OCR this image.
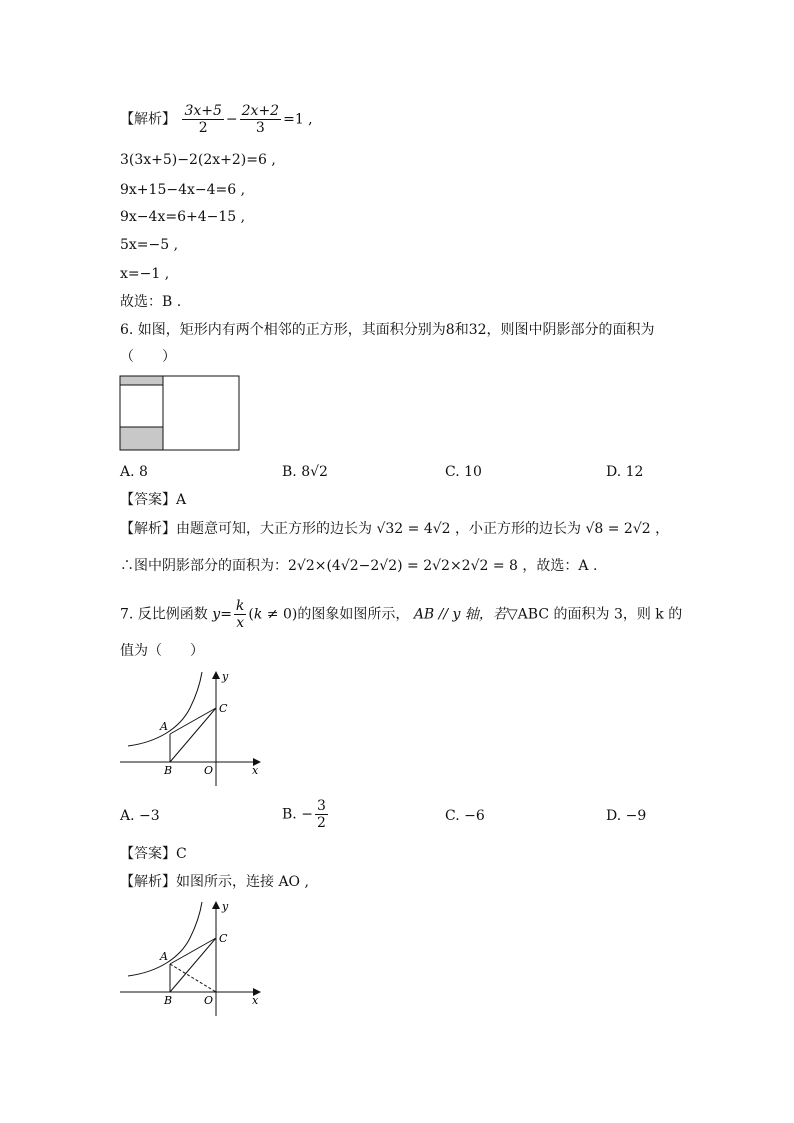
【解析】 $\frac{3x+5}{2} - \frac{2x+2}{3} =1$ ,
3(3x+5)−2(2x+2)=6 ,
9x+15−4x−4=6 ,
9x−4x=6+4−15 ,
5x=−5 ,
x=−1 ,
故选：B .
6. 如图，矩形内有两个相邻的正方形，其面积分别为8和32，则图中阴影部分的面积为
（　　）
A. 8	B. 8√2	C. 10	D. 12
【答案】A
【解析】由题意可知，大正方形的边长为 √32 = 4√2 ，小正方形的边长为 √8 = 2√2 ，
∴图中阴影部分的面积为：2√2×(4√2−2√2) = 2√2×2√2 = 8 ，故选：A .
7. 反比例函数 $y= \frac{k}{x} (k \ne 0)$的图象如图所示， AB // y 轴，若▽ABC 的面积为 3，则 k 的
值为（　　）
y
x
A
B
C
O
A. −3	B. − $\frac{3}{2}$	C. −6	D. −9
【答案】C
【解析】如图所示，连接 AO ,
y
x
A
B
C
O
